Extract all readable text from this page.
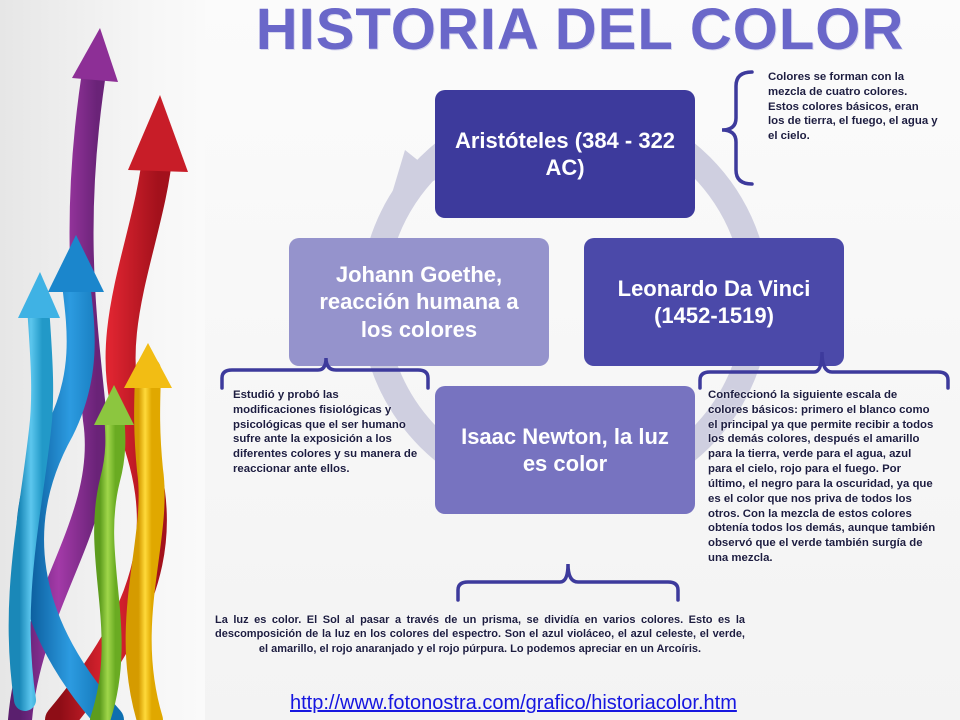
HISTORIA DEL COLOR
Aristóteles (384 - 322 AC)
Leonardo Da Vinci (1452-1519)
Isaac Newton, la luz es color
Johann Goethe, reacción humana a los colores
Colores se forman con la mezcla de cuatro colores. Estos colores básicos, eran los de tierra, el fuego, el agua y el cielo.
Estudió y probó las modificaciones fisiológicas y psicológicas que el ser humano sufre ante la exposición a los diferentes colores y su manera de reaccionar ante ellos.
Confeccionó la siguiente escala de colores básicos: primero el blanco como el principal ya que permite recibir a todos los demás colores, después el amarillo para la tierra, verde para el agua, azul para el cielo, rojo para el fuego. Por último, el negro para la oscuridad, ya que es el color que nos priva de todos los otros. Con la mezcla de estos colores obtenía todos los demás, aunque también observó que el verde también surgía de una mezcla.
La luz es color. El Sol al pasar a través de un prisma, se dividía en varios colores. Esto es la descomposición de la luz en los colores del espectro. Son el azul violáceo, el azul celeste, el verde, el amarillo, el rojo anaranjado y el rojo púrpura. Lo podemos apreciar en un Arcoíris.
http://www.fotonostra.com/grafico/historiacolor.htm
